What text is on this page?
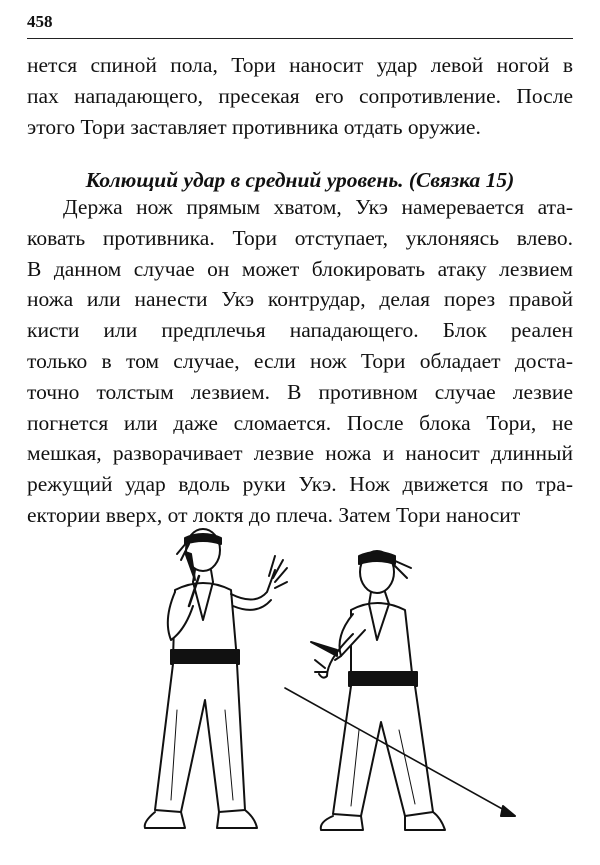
458

нется спиной пола, Тори наносит удар левой ногой в
пах нападающего, пресекая его сопротивление. После
этого Тори заставляет противника отдать оружие.

Колющий удар в средний уровень. (Связка 15)

Держа нож прямым хватом, Укэ намеревается ата-
ковать противника. Тори отступает, уклоняясь влево.
В данном случае он может блокировать атаку лезвием
ножа или нанести Укэ контрудар, делая порез правой
кисти или предплечья нападающего. Блок реален
только в том случае, если нож Тори обладает доста-
точно толстым лезвием. В противном случае лезвие
погнется или даже сломается. После блока Тори, не
мешкая, разворачивает лезвие ножа и наносит длинный
режущий удар вдоль руки Укэ. Нож движется по тра-
ектории вверх, от локтя до плеча. Затем Тори наносит
